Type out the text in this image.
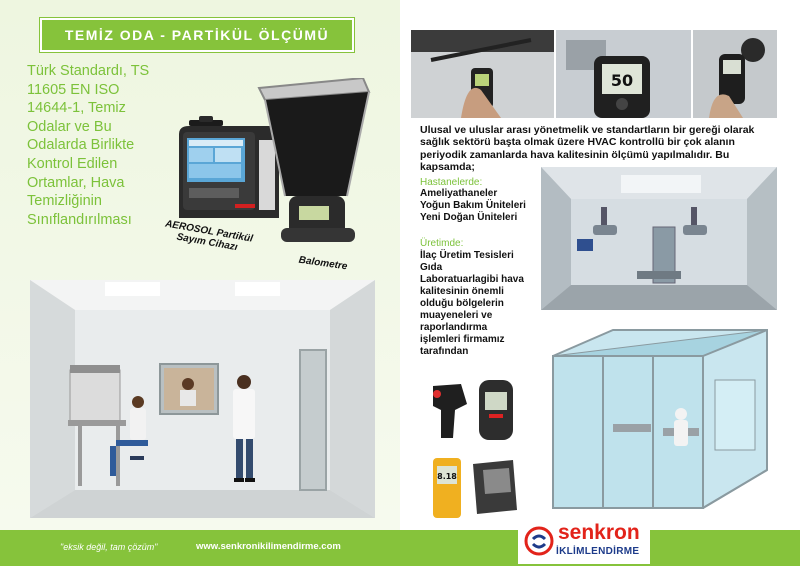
TEMİZ ODA - PARTİKÜL ÖLÇÜMÜ
Türk Standardı, TS 11605 EN ISO 14644-1, Temiz Odalar ve Bu Odalarda Birlikte Kontrol Edilen Ortamlar, Hava Temizliğinin Sınıflandırılması	AEROSOL Partikül Sayım Cihazı
Balometre
50
Ulusal ve uluslar arası yönetmelik ve standartların bir gereği olarak sağlık sektörü başta olmak üzere HVAC kontrollü bir çok alanın periyodik zamanlarda hava kalitesinin ölçümü yapılmalıdır. Bu kapsamda;
Hastanelerde:
Ameliyathaneler
Yoğun Bakım Üniteleri
Yeni Doğan Üniteleri
Üretimde:
İlaç Üretim Tesisleri
Gıda
Laboratuarlagibi hava kalitesinin önemli olduğu bölgelerin muayeneleri ve raporlandırma işlemleri firmamız tarafından
8.18
"eksik değil, tam çözüm"	www.senkronikilimendirme.com
senkron
İKLİMLENDİRME
